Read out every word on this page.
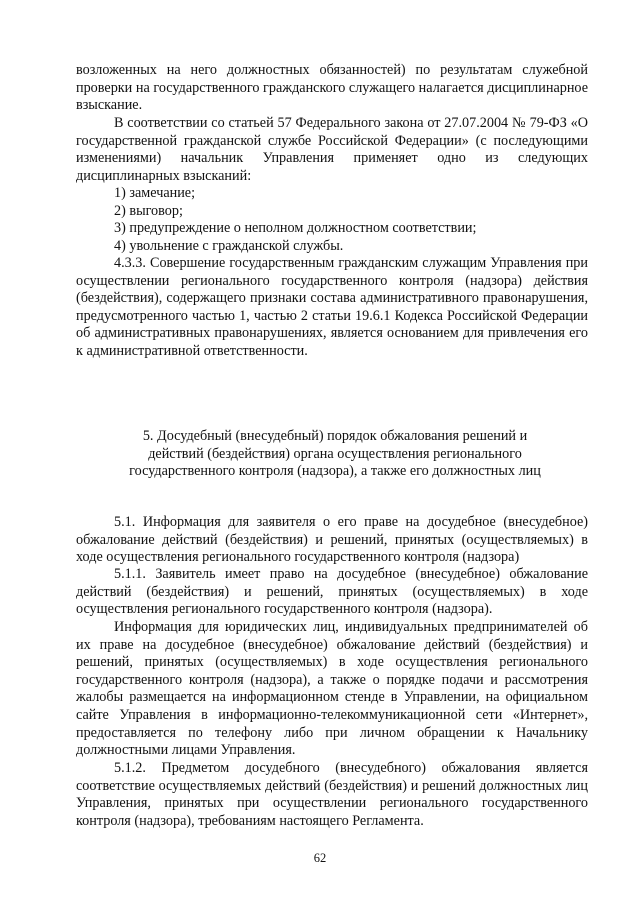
возложенных на него должностных обязанностей) по результатам служебной проверки на государственного гражданского служащего налагается дисциплинарное взыскание.

В соответствии со статьей 57 Федерального закона от 27.07.2004 № 79-ФЗ «О государственной гражданской службе Российской Федерации» (с последующими изменениями) начальник Управления применяет одно из следующих дисциплинарных взысканий:

1) замечание;
2) выговор;
3) предупреждение о неполном должностном соответствии;
4) увольнение с гражданской службы.

4.3.3. Совершение государственным гражданским служащим Управления при осуществлении регионального государственного контроля (надзора) действия (бездействия), содержащего признаки состава административного правонарушения, предусмотренного частью 1, частью 2 статьи 19.6.1 Кодекса Российской Федерации об административных правонарушениях, является основанием для привлечения его к административной ответственности.

5. Досудебный (внесудебный) порядок обжалования решений и действий (бездействия) органа осуществления регионального государственного контроля (надзора), а также его должностных лиц

5.1. Информация для заявителя о его праве на досудебное (внесудебное) обжалование действий (бездействия) и решений, принятых (осуществляемых) в ходе осуществления регионального государственного контроля (надзора)

5.1.1. Заявитель имеет право на досудебное (внесудебное) обжалование действий (бездействия) и решений, принятых (осуществляемых) в ходе осуществления регионального государственного контроля (надзора).

Информация для юридических лиц, индивидуальных предпринимателей об их праве на досудебное (внесудебное) обжалование действий (бездействия) и решений, принятых (осуществляемых) в ходе осуществления регионального государственного контроля (надзора), а также о порядке подачи и рассмотрения жалобы размещается на информационном стенде в Управлении, на официальном сайте Управления в информационно-телекоммуникационной сети «Интернет», предоставляется по телефону либо при личном обращении к Начальнику должностными лицами Управления.

5.1.2. Предметом досудебного (внесудебного) обжалования является соответствие осуществляемых действий (бездействия) и решений должностных лиц Управления, принятых при осуществлении регионального государственного контроля (надзора), требованиям настоящего Регламента.

62
